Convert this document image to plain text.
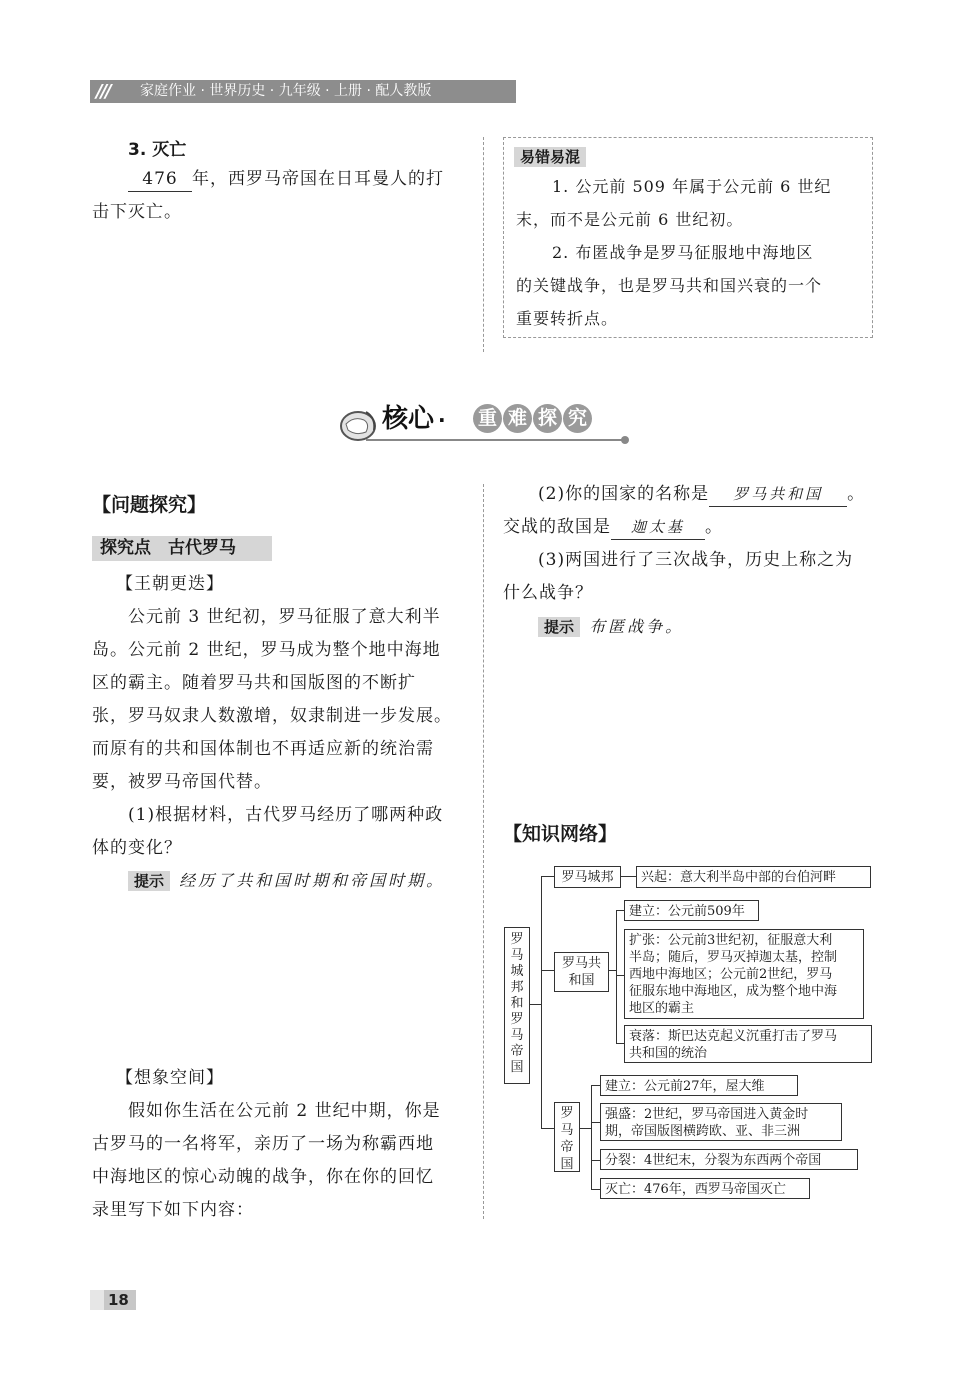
/// 家庭作业 · 世界历史 · 九年级 · 上册 · 配人教版
3. 灭亡
476 年，西罗马帝国在日耳曼人的打
击下灭亡。
易错易混
1. 公元前 509 年属于公元前 6 世纪
末，而不是公元前 6 世纪初。
2. 布匿战争是罗马征服地中海地区
的关键战争，也是罗马共和国兴衰的一个
重要转折点。
核心 ·	重 难 探 究
【问题探究】
探究点　古代罗马
【王朝更迭】
公元前 3 世纪初，罗马征服了意大利半
岛。公元前 2 世纪，罗马成为整个地中海地
区的霸主。随着罗马共和国版图的不断扩
张，罗马奴隶人数激增，奴隶制进一步发展。
而原有的共和国体制也不再适应新的统治需
要，被罗马帝国代替。
(1)根据材料，古代罗马经历了哪两种政
体的变化？
提示 经历了共和国时期和帝国时期。
【想象空间】
假如你生活在公元前 2 世纪中期，你是
古罗马的一名将军，亲历了一场为称霸西地
中海地区的惊心动魄的战争，你在你的回忆
录里写下如下内容：
(2)你的国家的名称是 罗马共和国 。
交战的敌国是 迦太基 。
(3)两国进行了三次战争，历史上称之为
什么战争？
提示 布匿战争。
【知识网络】
罗马城邦和罗马帝国
罗马城邦	兴起：意大利半岛中部的台伯河畔
罗马共和国
建立：公元前509年
扩张：公元前3世纪初，征服意大利
半岛；随后，罗马灭掉迦太基，控制
西地中海地区；公元前2世纪，罗马
征服东地中海地区，成为整个地中海
地区的霸主
衰落：斯巴达克起义沉重打击了罗马
共和国的统治
罗马帝国
建立：公元前27年，屋大维
强盛：2世纪，罗马帝国进入黄金时
期，帝国版图横跨欧、亚、非三洲
分裂：4世纪末，分裂为东西两个帝国
灭亡：476年，西罗马帝国灭亡
18
